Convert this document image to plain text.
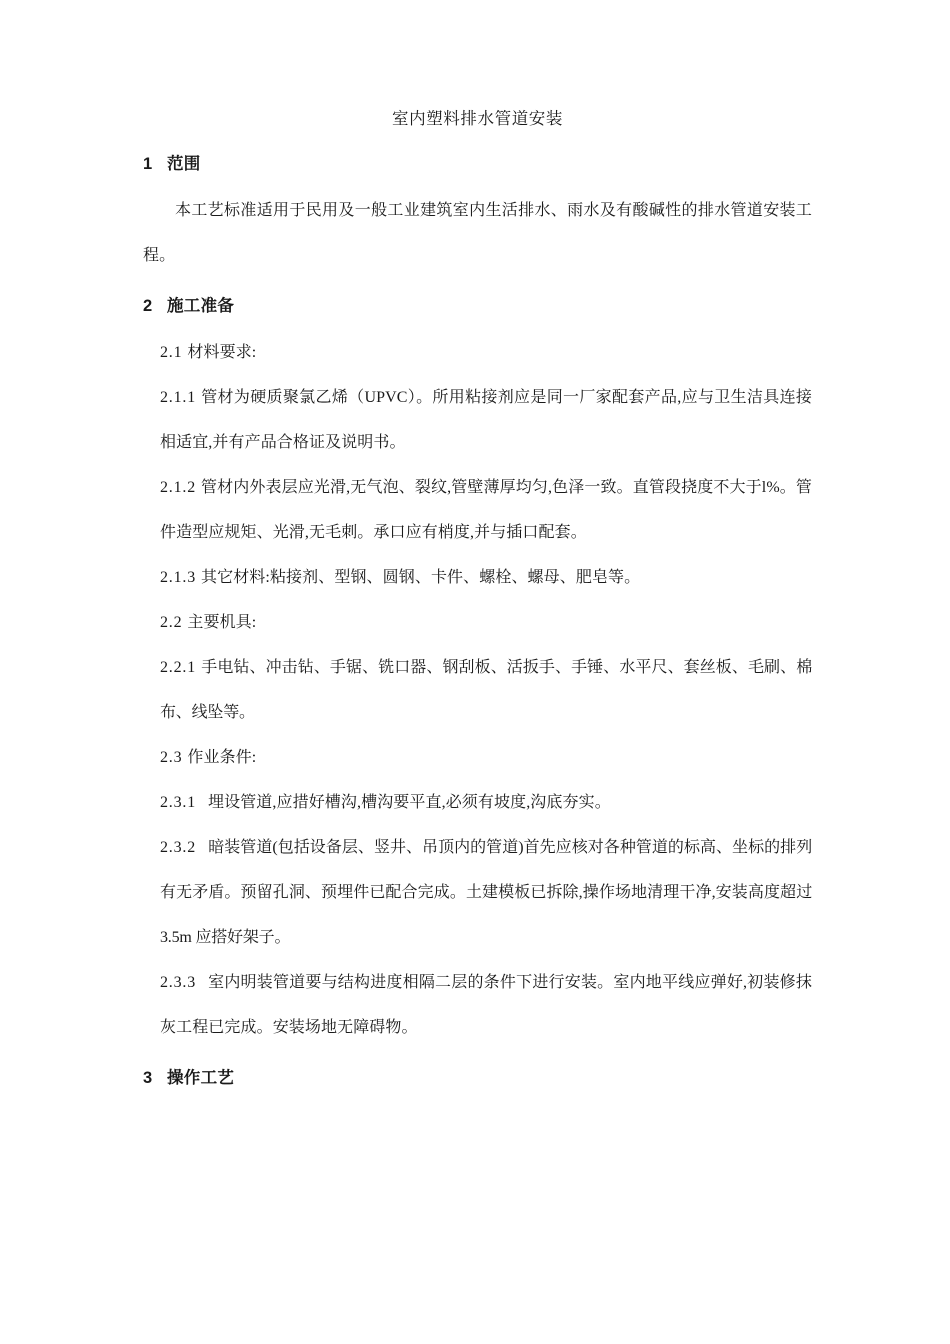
室内塑料排水管道安装
1 范围

本工艺标准适用于民用及一般工业建筑室内生活排水、雨水及有酸碱性的排水管道安装工程。

2 施工准备

2.1 材料要求:

2.1.1 管材为硬质聚氯乙烯（UPVC）。所用粘接剂应是同一厂家配套产品,应与卫生洁具连接相适宜,并有产品合格证及说明书。

2.1.2 管材内外表层应光滑,无气泡、裂纹,管壁薄厚均匀,色泽一致。直管段挠度不大于l%。管件造型应规矩、光滑,无毛刺。承口应有梢度,并与插口配套。

2.1.3 其它材料:粘接剂、型钢、圆钢、卡件、螺栓、螺母、肥皂等。

2.2 主要机具:

2.2.1 手电钻、冲击钻、手锯、铣口器、钢刮板、活扳手、手锤、水平尺、套丝板、毛刷、棉布、线坠等。

2.3 作业条件:

2.3.1 埋设管道,应措好槽沟,槽沟要平直,必须有坡度,沟底夯实。

2.3.2 暗装管道(包括设备层、竖井、吊顶内的管道)首先应核对各种管道的标高、坐标的排列有无矛盾。预留孔洞、预埋件已配合完成。土建模板已拆除,操作场地清理干净,安装高度超过 3.5m 应搭好架子。

2.3.3 室内明装管道要与结构进度相隔二层的条件下进行安装。室内地平线应弹好,初装修抹灰工程已完成。安装场地无障碍物。

3 操作工艺
